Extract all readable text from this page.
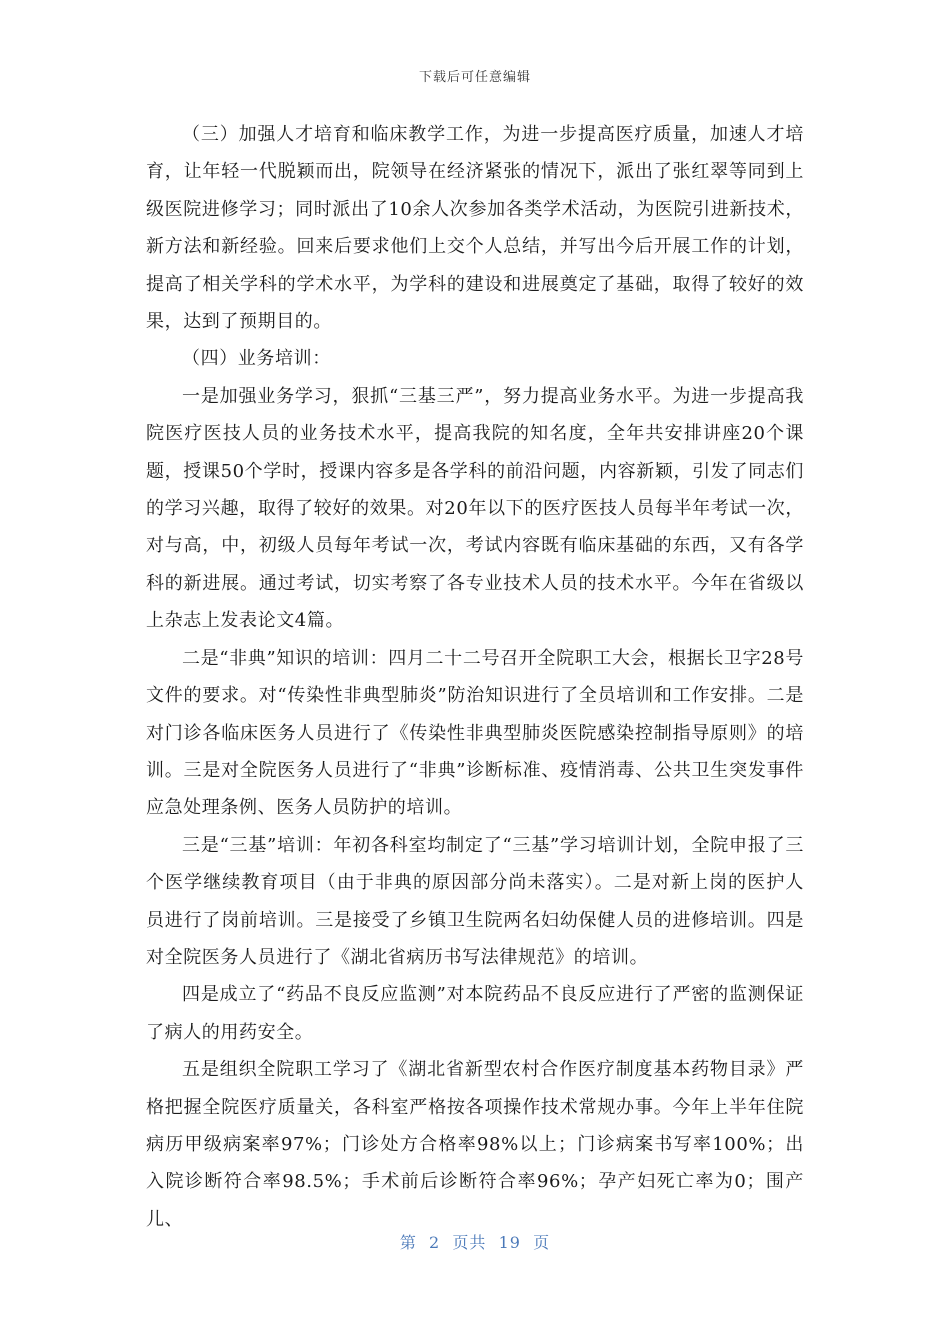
下载后可任意编辑

（三）加强人才培育和临床教学工作，为进一步提高医疗质量，加速人才培育，让年轻一代脱颖而出，院领导在经济紧张的情况下，派出了张红翠等同到上级医院进修学习；同时派出了10余人次参加各类学术活动，为医院引进新技术，新方法和新经验。回来后要求他们上交个人总结，并写出今后开展工作的计划，提高了相关学科的学术水平，为学科的建设和进展奠定了基础，取得了较好的效果，达到了预期目的。

（四）业务培训：

一是加强业务学习，狠抓“三基三严”，努力提高业务水平。为进一步提高我院医疗医技人员的业务技术水平，提高我院的知名度，全年共安排讲座20个课题，授课50个学时，授课内容多是各学科的前沿问题，内容新颖，引发了同志们的学习兴趣，取得了较好的效果。对20年以下的医疗医技人员每半年考试一次，对与高，中，初级人员每年考试一次，考试内容既有临床基础的东西，又有各学科的新进展。通过考试，切实考察了各专业技术人员的技术水平。今年在省级以上杂志上发表论文4篇。

二是“非典”知识的培训：四月二十二号召开全院职工大会，根据长卫字28号文件的要求。对“传染性非典型肺炎”防治知识进行了全员培训和工作安排。二是对门诊各临床医务人员进行了《传染性非典型肺炎医院感染控制指导原则》的培训。三是对全院医务人员进行了“非典”诊断标准、疫情消毒、公共卫生突发事件应急处理条例、医务人员防护的培训。

三是“三基”培训：年初各科室均制定了“三基”学习培训计划，全院申报了三个医学继续教育项目（由于非典的原因部分尚未落实）。二是对新上岗的医护人员进行了岗前培训。三是接受了乡镇卫生院两名妇幼保健人员的进修培训。四是对全院医务人员进行了《湖北省病历书写法律规范》的培训。

四是成立了“药品不良反应监测”对本院药品不良反应进行了严密的监测保证了病人的用药安全。

五是组织全院职工学习了《湖北省新型农村合作医疗制度基本药物目录》严格把握全院医疗质量关，各科室严格按各项操作技术常规办事。今年上半年住院病历甲级病案率97%；门诊处方合格率98%以上；门诊病案书写率100%；出入院诊断符合率98.5%；手术前后诊断符合率96%；孕产妇死亡率为0；围产儿、

第  2  页共  19  页
